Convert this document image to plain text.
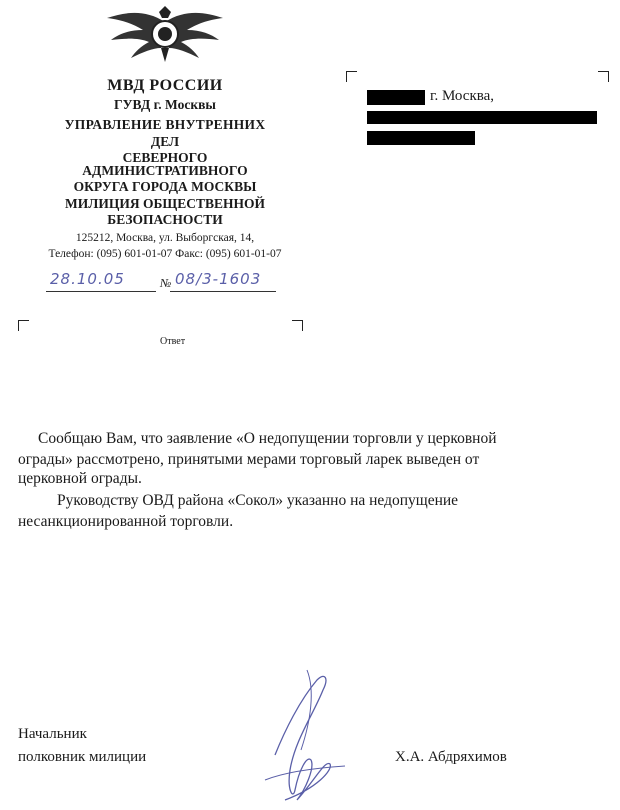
МВД РОССИИ
ГУВД г. Москвы
УПРАВЛЕНИЕ ВНУТРЕННИХ
ДЕЛ
СЕВЕРНОГО
АДМИНИСТРАТИВНОГО
ОКРУГА ГОРОДА МОСКВЫ
МИЛИЦИЯ ОБЩЕСТВЕННОЙ
БЕЗОПАСНОСТИ
125212, Москва, ул. Выборгская, 14,
Телефон: (095) 601-01-07 Факс: (095) 601-01-07
28.10.05	№ 08/3-1603
Ответ
г. Москва,
Сообщаю Вам, что заявление «О недопущении торговли у церковной
ограды» рассмотрено, принятыми мерами торговый ларек выведен от
церковной ограды.
Руководству ОВД района «Сокол» указанно на недопущение
несанкционированной торговли.
Начальник
полковник милиции	Х.А. Абдряхимов
